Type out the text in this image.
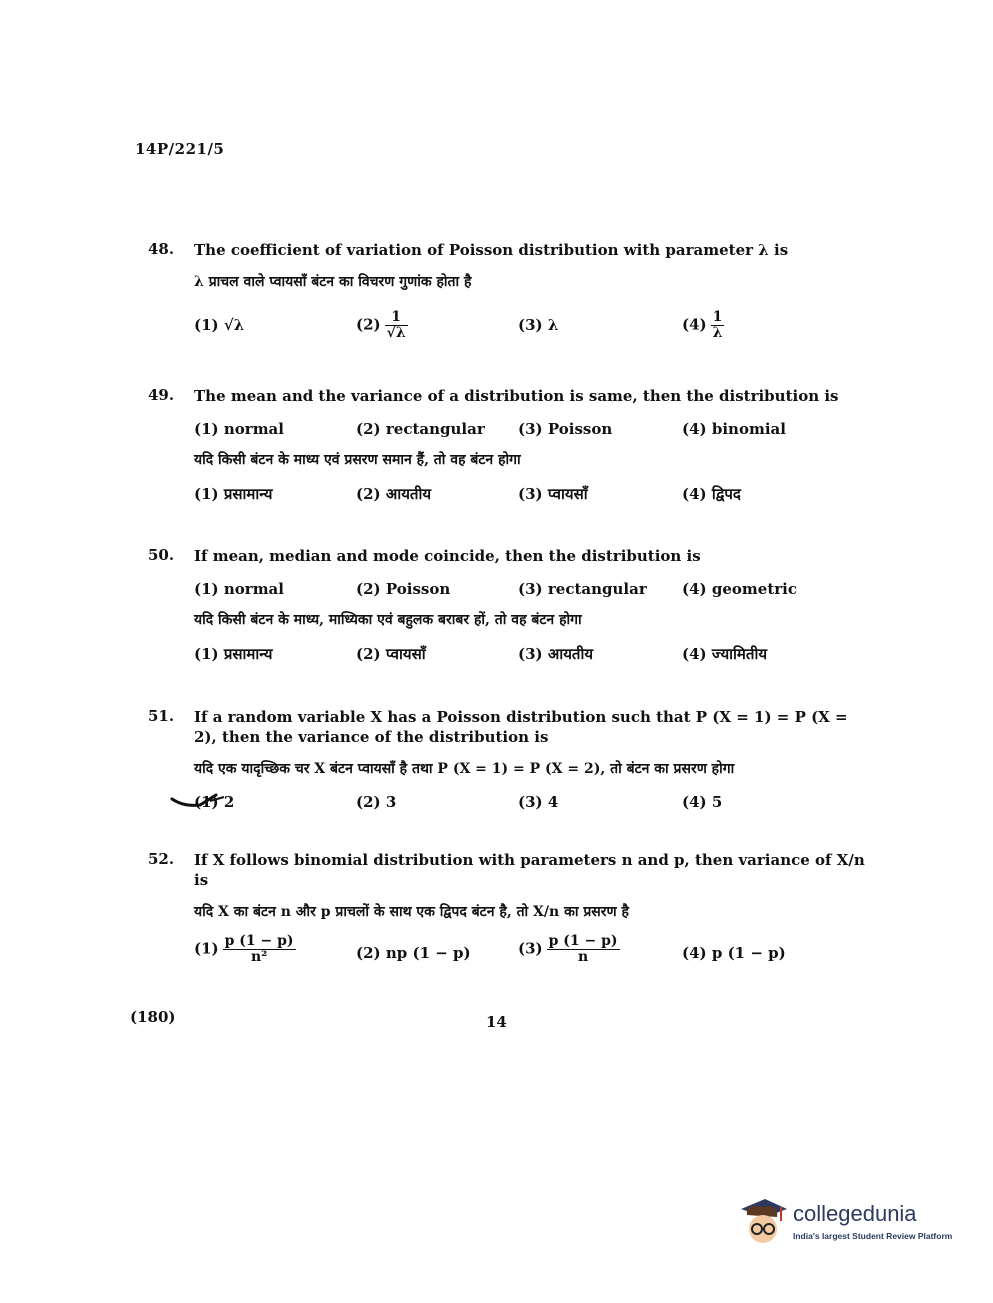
14P/221/5
48. The coefficient of variation of Poisson distribution with parameter λ is
λ प्राचल वाले प्वायसाँ बंटन का विचरण गुणांक होता है
(1) √λ	$(2) \frac{1}{√\lambda}$	(3) λ	$(4) \frac{1}{\lambda}$
49. The mean and the variance of a distribution is same, then the distribution is
(1) normal	(2) rectangular (3) Poisson	(4) binomial
यदि किसी बंटन के माध्य एवं प्रसरण समान हैं, तो वह बंटन होगा
(1) प्रसामान्य	(2) आयतीय	(3) प्वायसाँ	(4) द्विपद
50. If mean, median and mode coincide, then the distribution is
(1) normal	(2) Poisson	(3) rectangular (4) geometric
यदि किसी बंटन के माध्य, माध्यिका एवं बहुलक बराबर हों, तो वह बंटन होगा
(1) प्रसामान्य	(2) प्वायसाँ	(3) आयतीय	(4) ज्यामितीय
51. If a random variable X has a Poisson distribution such that P (X = 1) = P (X = 2), then the variance of the distribution is
यदि एक यादृच्छिक चर X बंटन प्वायसाँ है तथा P (X = 1) = P (X = 2), तो बंटन का प्रसरण होगा
(1) 2	(2) 3	(3) 4	(4) 5
52. If X follows binomial distribution with parameters n and p, then variance of X/n is
यदि X का बंटन n और p प्राचलों के साथ एक द्विपद बंटन है, तो X/n का प्रसरण है
$(1) \frac{p (1 - p)}{\text{n²}}$	(2) np (1 − p)	$(3) \frac{p (1 - p)}{n}$	(4) p (1 − p)
(180)	14
collegedunia
India's largest Student Review Platform
